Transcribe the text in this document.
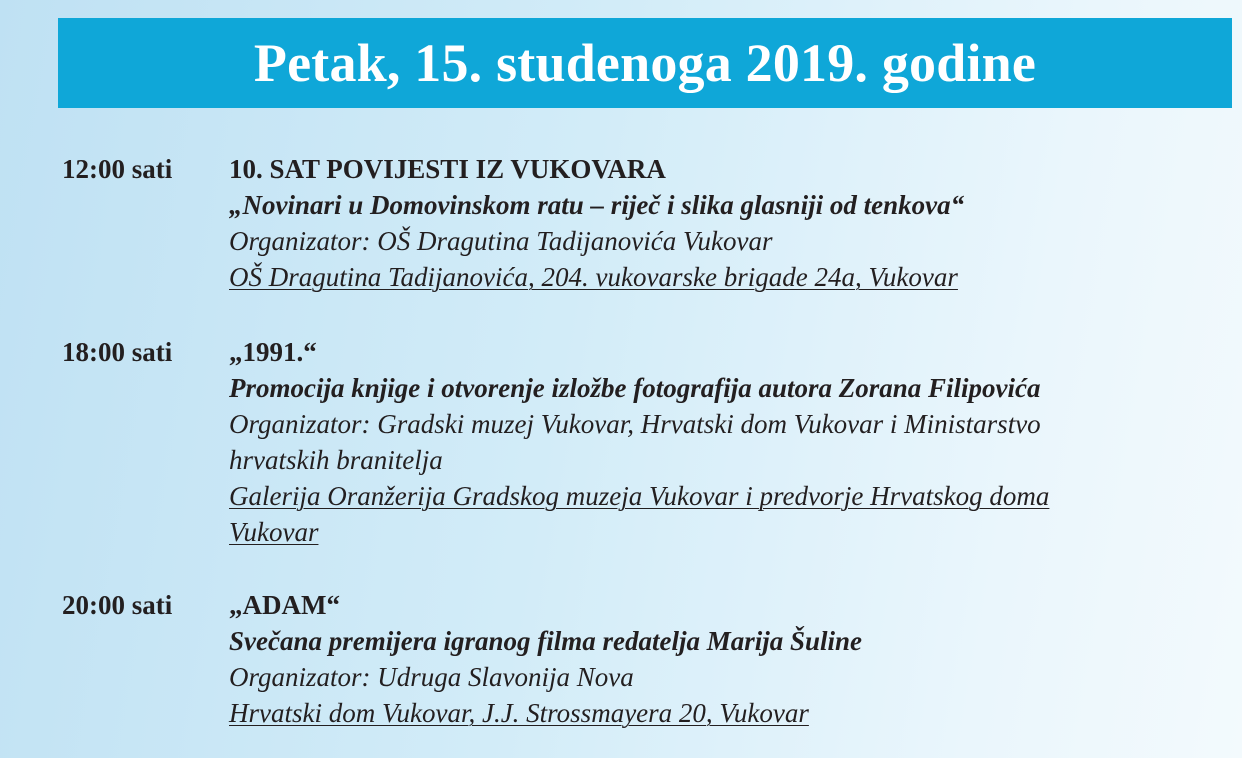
Petak, 15. studenoga 2019. godine
12:00 sati 10. SAT POVIJESTI IZ VUKOVARA
„Novinari u Domovinskom ratu – riječ i slika glasniji od tenkova“
Organizator: OŠ Dragutina Tadijanovića Vukovar
OŠ Dragutina Tadijanovića, 204. vukovarske brigade 24a, Vukovar
18:00 sati „1991.“
Promocija knjige i otvorenje izložbe fotografija autora Zorana Filipovića
Organizator: Gradski muzej Vukovar, Hrvatski dom Vukovar i Ministarstvo
hrvatskih branitelja
Galerija Oranžerija Gradskog muzeja Vukovar i predvorje Hrvatskog doma
Vukovar
20:00 sati „ADAM“
Svečana premijera igranog filma redatelja Marija Šuline
Organizator: Udruga Slavonija Nova
Hrvatski dom Vukovar, J.J. Strossmayera 20, Vukovar
